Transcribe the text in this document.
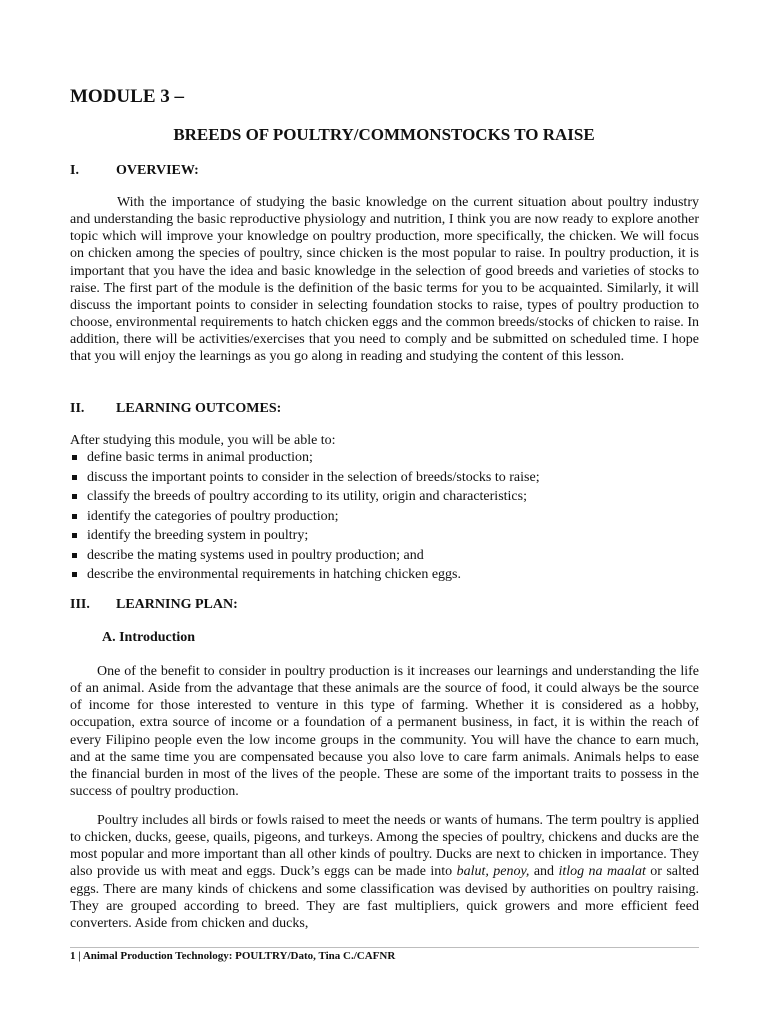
MODULE 3 –
BREEDS OF POULTRY/COMMONSTOCKS TO RAISE
I.	OVERVIEW:

With the importance of studying the basic knowledge on the current situation about poultry industry and understanding the basic reproductive physiology and nutrition, I think you are now ready to explore another topic which will improve your knowledge on poultry production, more specifically, the chicken. We will focus on chicken among the species of poultry, since chicken is the most popular to raise. In poultry production, it is important that you have the idea and basic knowledge in the selection of good breeds and varieties of stocks to raise. The first part of the module is the definition of the basic terms for you to be acquainted. Similarly, it will discuss the important points to consider in selecting foundation stocks to raise, types of poultry production to choose, environmental requirements to hatch chicken eggs and the common breeds/stocks of chicken to raise. In addition, there will be activities/exercises that you need to comply and be submitted on scheduled time. I hope that you will enjoy the learnings as you go along in reading and studying the content of this lesson.

II. LEARNING OUTCOMES:

After studying this module, you will be able to:

define basic terms in animal production;
discuss the important points to consider in the selection of breeds/stocks to raise;
classify the breeds of poultry according to its utility, origin and characteristics;
identify the categories of poultry production;
identify the breeding system in poultry;
describe the mating systems used in poultry production; and
describe the environmental requirements in hatching chicken eggs.
III. LEARNING PLAN:
A. Introduction

One of the benefit to consider in poultry production is it increases our learnings and understanding the life of an animal. Aside from the advantage that these animals are the source of food, it could always be the source of income for those interested to venture in this type of farming. Whether it is considered as a hobby, occupation, extra source of income or a foundation of a permanent business, in fact, it is within the reach of every Filipino people even the low income groups in the community. You will have the chance to earn much, and at the same time you are compensated because you also love to care farm animals. Animals helps to ease the financial burden in most of the lives of the people. These are some of the important traits to possess in the success of poultry production.

Poultry includes all birds or fowls raised to meet the needs or wants of humans. The term poultry is applied to chicken, ducks, geese, quails, pigeons, and turkeys. Among the species of poultry, chickens and ducks are the most popular and more important than all other kinds of poultry. Ducks are next to chicken in importance. They also provide us with meat and eggs. Duck’s eggs can be made into balut, penoy, and itlog na maalat or salted eggs. There are many kinds of chickens and some classification was devised by authorities on poultry raising. They are grouped according to breed. They are fast multipliers, quick growers and more efficient feed converters. Aside from chicken and ducks,

1 | Animal Production Technology: POULTRY/Dato, Tina C./CAFNR
